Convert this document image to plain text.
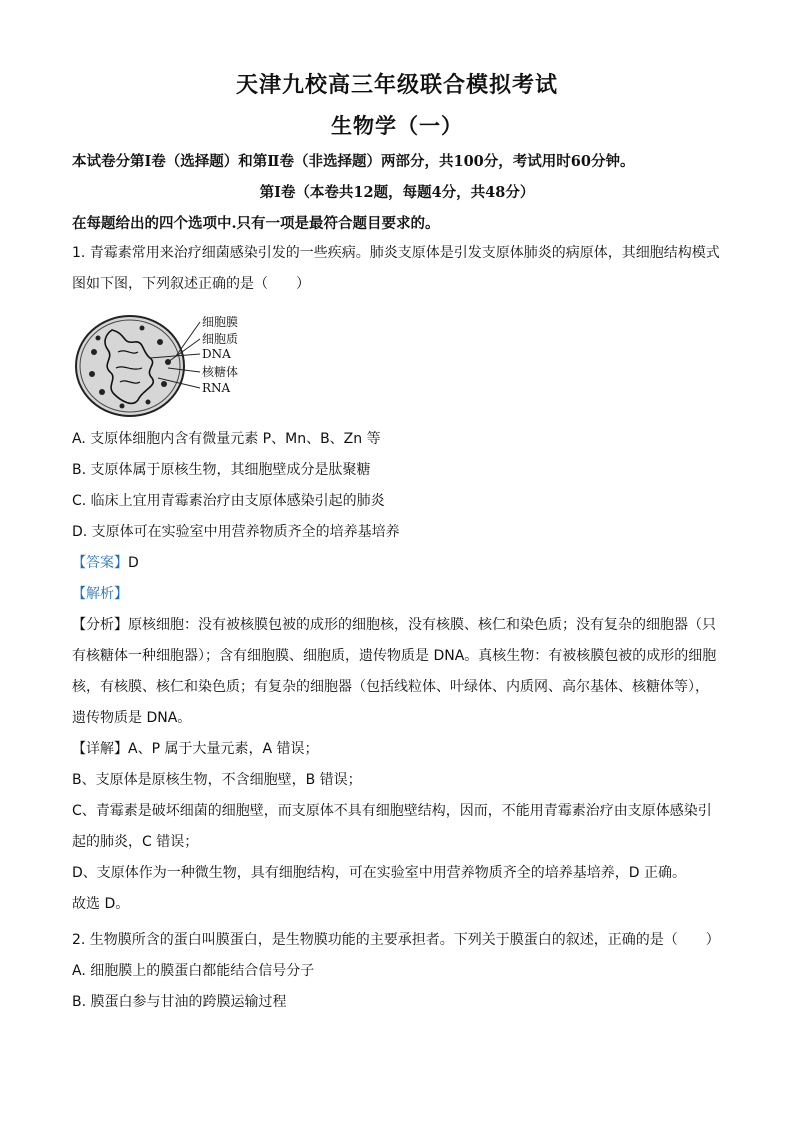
天津九校高三年级联合模拟考试
生物学（一）
本试卷分第Ⅰ卷（选择题）和第Ⅱ卷（非选择题）两部分，共100分，考试用时60分钟。
第Ⅰ卷（本卷共12题，每题4分，共48分）
在每题给出的四个选项中.只有一项是最符合题目要求的。
1. 青霉素常用来治疗细菌感染引发的一些疾病。肺炎支原体是引发支原体肺炎的病原体，其细胞结构模式
图如下图，下列叙述正确的是（　　）
细胞膜
细胞质
DNA
核糖体
RNA
A. 支原体细胞内含有微量元素 P、Mn、B、Zn 等
B. 支原体属于原核生物，其细胞壁成分是肽聚糖
C. 临床上宜用青霉素治疗由支原体感染引起的肺炎
D. 支原体可在实验室中用营养物质齐全的培养基培养
【答案】D
【解析】
【分析】原核细胞：没有被核膜包被的成形的细胞核，没有核膜、核仁和染色质；没有复杂的细胞器（只
有核糖体一种细胞器）；含有细胞膜、细胞质，遗传物质是 DNA。真核生物：有被核膜包被的成形的细胞
核，有核膜、核仁和染色质；有复杂的细胞器（包括线粒体、叶绿体、内质网、高尔基体、核糖体等），
遗传物质是 DNA。
【详解】A、P 属于大量元素，A 错误；
B、支原体是原核生物，不含细胞壁，B 错误；
C、青霉素是破坏细菌的细胞壁，而支原体不具有细胞壁结构，因而，不能用青霉素治疗由支原体感染引
起的肺炎，C 错误；
D、支原体作为一种微生物，具有细胞结构，可在实验室中用营养物质齐全的培养基培养，D 正确。
故选 D。
2. 生物膜所含的蛋白叫膜蛋白，是生物膜功能的主要承担者。下列关于膜蛋白的叙述，正确的是（　　）
A. 细胞膜上的膜蛋白都能结合信号分子
B. 膜蛋白参与甘油的跨膜运输过程
